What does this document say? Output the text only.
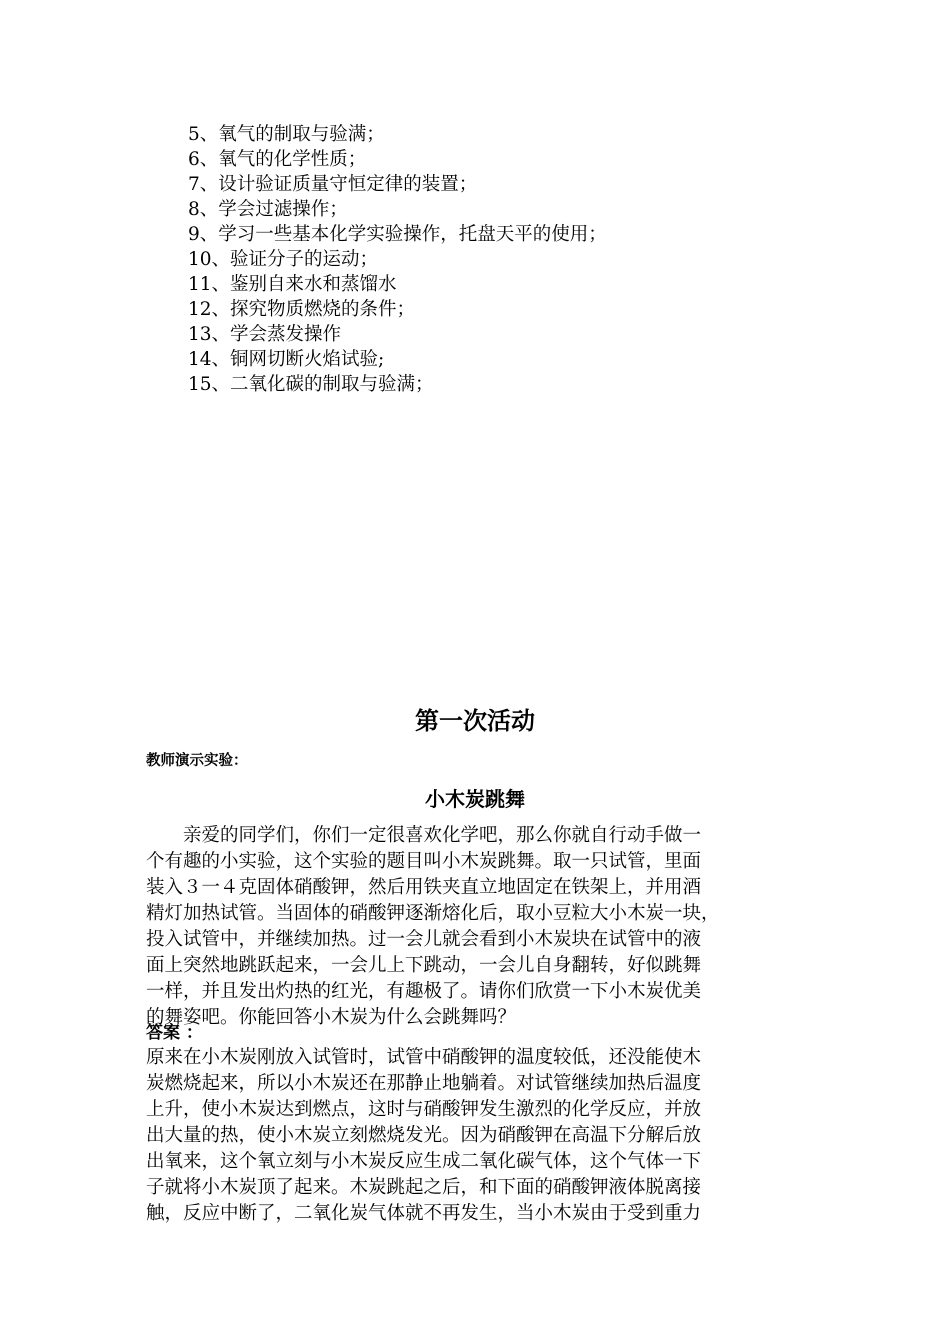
5、氧气的制取与验满；
6、氧气的化学性质；
7、设计验证质量守恒定律的装置；
8、学会过滤操作；
9、学习一些基本化学实验操作，托盘天平的使用；
10、验证分子的运动；
11、鉴别自来水和蒸馏水
12、探究物质燃烧的条件；
13、学会蒸发操作
14、铜网切断火焰试验;
15、二氧化碳的制取与验满；
第一次活动
教师演示实验：
小木炭跳舞
　　亲爱的同学们，你们一定很喜欢化学吧，那么你就自行动手做一
个有趣的小实验，这个实验的题目叫小木炭跳舞。取一只试管，里面
装入３一４克固体硝酸钾，然后用铁夹直立地固定在铁架上，并用酒
精灯加热试管。当固体的硝酸钾逐渐熔化后，取小豆粒大小木炭一块，
投入试管中，并继续加热。过一会儿就会看到小木炭块在试管中的液
面上突然地跳跃起来，一会儿上下跳动，一会儿自身翻转，好似跳舞
一样，并且发出灼热的红光，有趣极了。请你们欣赏一下小木炭优美
的舞姿吧。你能回答小木炭为什么会跳舞吗？
答案 ：
原来在小木炭刚放入试管时，试管中硝酸钾的温度较低，还没能使木
炭燃烧起来，所以小木炭还在那静止地躺着。对试管继续加热后温度
上升，使小木炭达到燃点，这时与硝酸钾发生激烈的化学反应，并放
出大量的热，使小木炭立刻燃烧发光。因为硝酸钾在高温下分解后放
出氧来，这个氧立刻与小木炭反应生成二氧化碳气体，这个气体一下
子就将小木炭顶了起来。木炭跳起之后，和下面的硝酸钾液体脱离接
触，反应中断了，二氧化炭气体就不再发生，当小木炭由于受到重力
